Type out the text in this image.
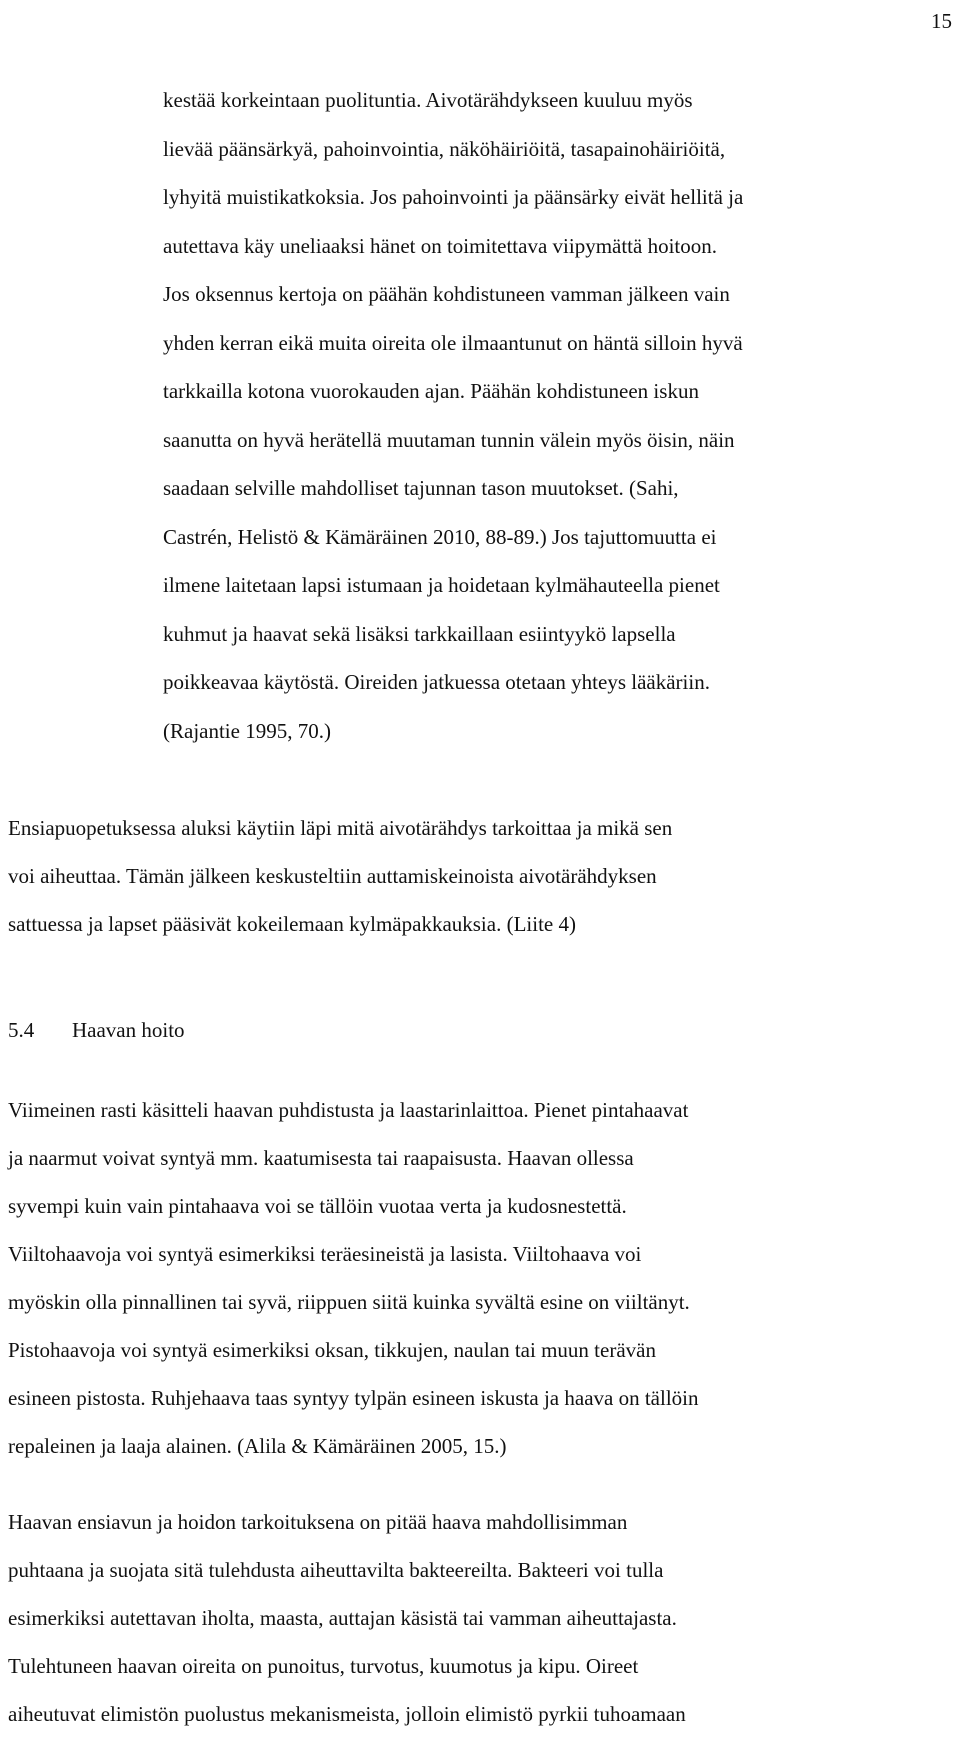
15
kestää korkeintaan puolituntia. Aivotärähdykseen kuuluu myös
lievää päänsärkyä, pahoinvointia, näköhäiriöitä, tasapainohäiriöitä,
lyhyitä muistikatkoksia. Jos pahoinvointi ja päänsärky eivät hellitä ja
autettava käy uneliaaksi hänet on toimitettava viipymättä hoitoon.
Jos oksennus kertoja on päähän kohdistuneen vamman jälkeen vain
yhden kerran eikä muita oireita ole ilmaantunut on häntä silloin hyvä
tarkkailla kotona vuorokauden ajan. Päähän kohdistuneen iskun
saanutta on hyvä herätellä muutaman tunnin välein myös öisin, näin
saadaan selville mahdolliset tajunnan tason muutokset. (Sahi,
Castrén, Helistö & Kämäräinen 2010, 88-89.) Jos tajuttomuutta ei
ilmene laitetaan lapsi istumaan ja hoidetaan kylmähauteella pienet
kuhmut ja haavat sekä lisäksi tarkkaillaan esiintyykö lapsella
poikkeavaa käytöstä. Oireiden jatkuessa otetaan yhteys lääkäriin.
(Rajantie 1995, 70.)
Ensiapuopetuksessa aluksi käytiin läpi mitä aivotärähdys tarkoittaa ja mikä sen
voi aiheuttaa. Tämän jälkeen keskusteltiin auttamiskeinoista aivotärähdyksen
sattuessa ja lapset pääsivät kokeilemaan kylmäpakkauksia. (Liite 4)
5.4 Haavan hoito
Viimeinen rasti käsitteli haavan puhdistusta ja laastarinlaittoa. Pienet pintahaavat
ja naarmut voivat syntyä mm. kaatumisesta tai raapaisusta. Haavan ollessa
syvempi kuin vain pintahaava voi se tällöin vuotaa verta ja kudosnestettä.
Viiltohaavoja voi syntyä esimerkiksi teräesineistä ja lasista. Viiltohaava voi
myöskin olla pinnallinen tai syvä, riippuen siitä kuinka syvältä esine on viiltänyt.
Pistohaavoja voi syntyä esimerkiksi oksan, tikkujen, naulan tai muun terävän
esineen pistosta. Ruhjehaava taas syntyy tylpän esineen iskusta ja haava on tällöin
repaleinen ja laaja alainen. (Alila & Kämäräinen 2005, 15.)
Haavan ensiavun ja hoidon tarkoituksena on pitää haava mahdollisimman
puhtaana ja suojata sitä tulehdusta aiheuttavilta bakteereilta. Bakteeri voi tulla
esimerkiksi autettavan iholta, maasta, auttajan käsistä tai vamman aiheuttajasta.
Tulehtuneen haavan oireita on punoitus, turvotus, kuumotus ja kipu. Oireet
aiheutuvat elimistön puolustus mekanismeista, jolloin elimistö pyrkii tuhoamaan
